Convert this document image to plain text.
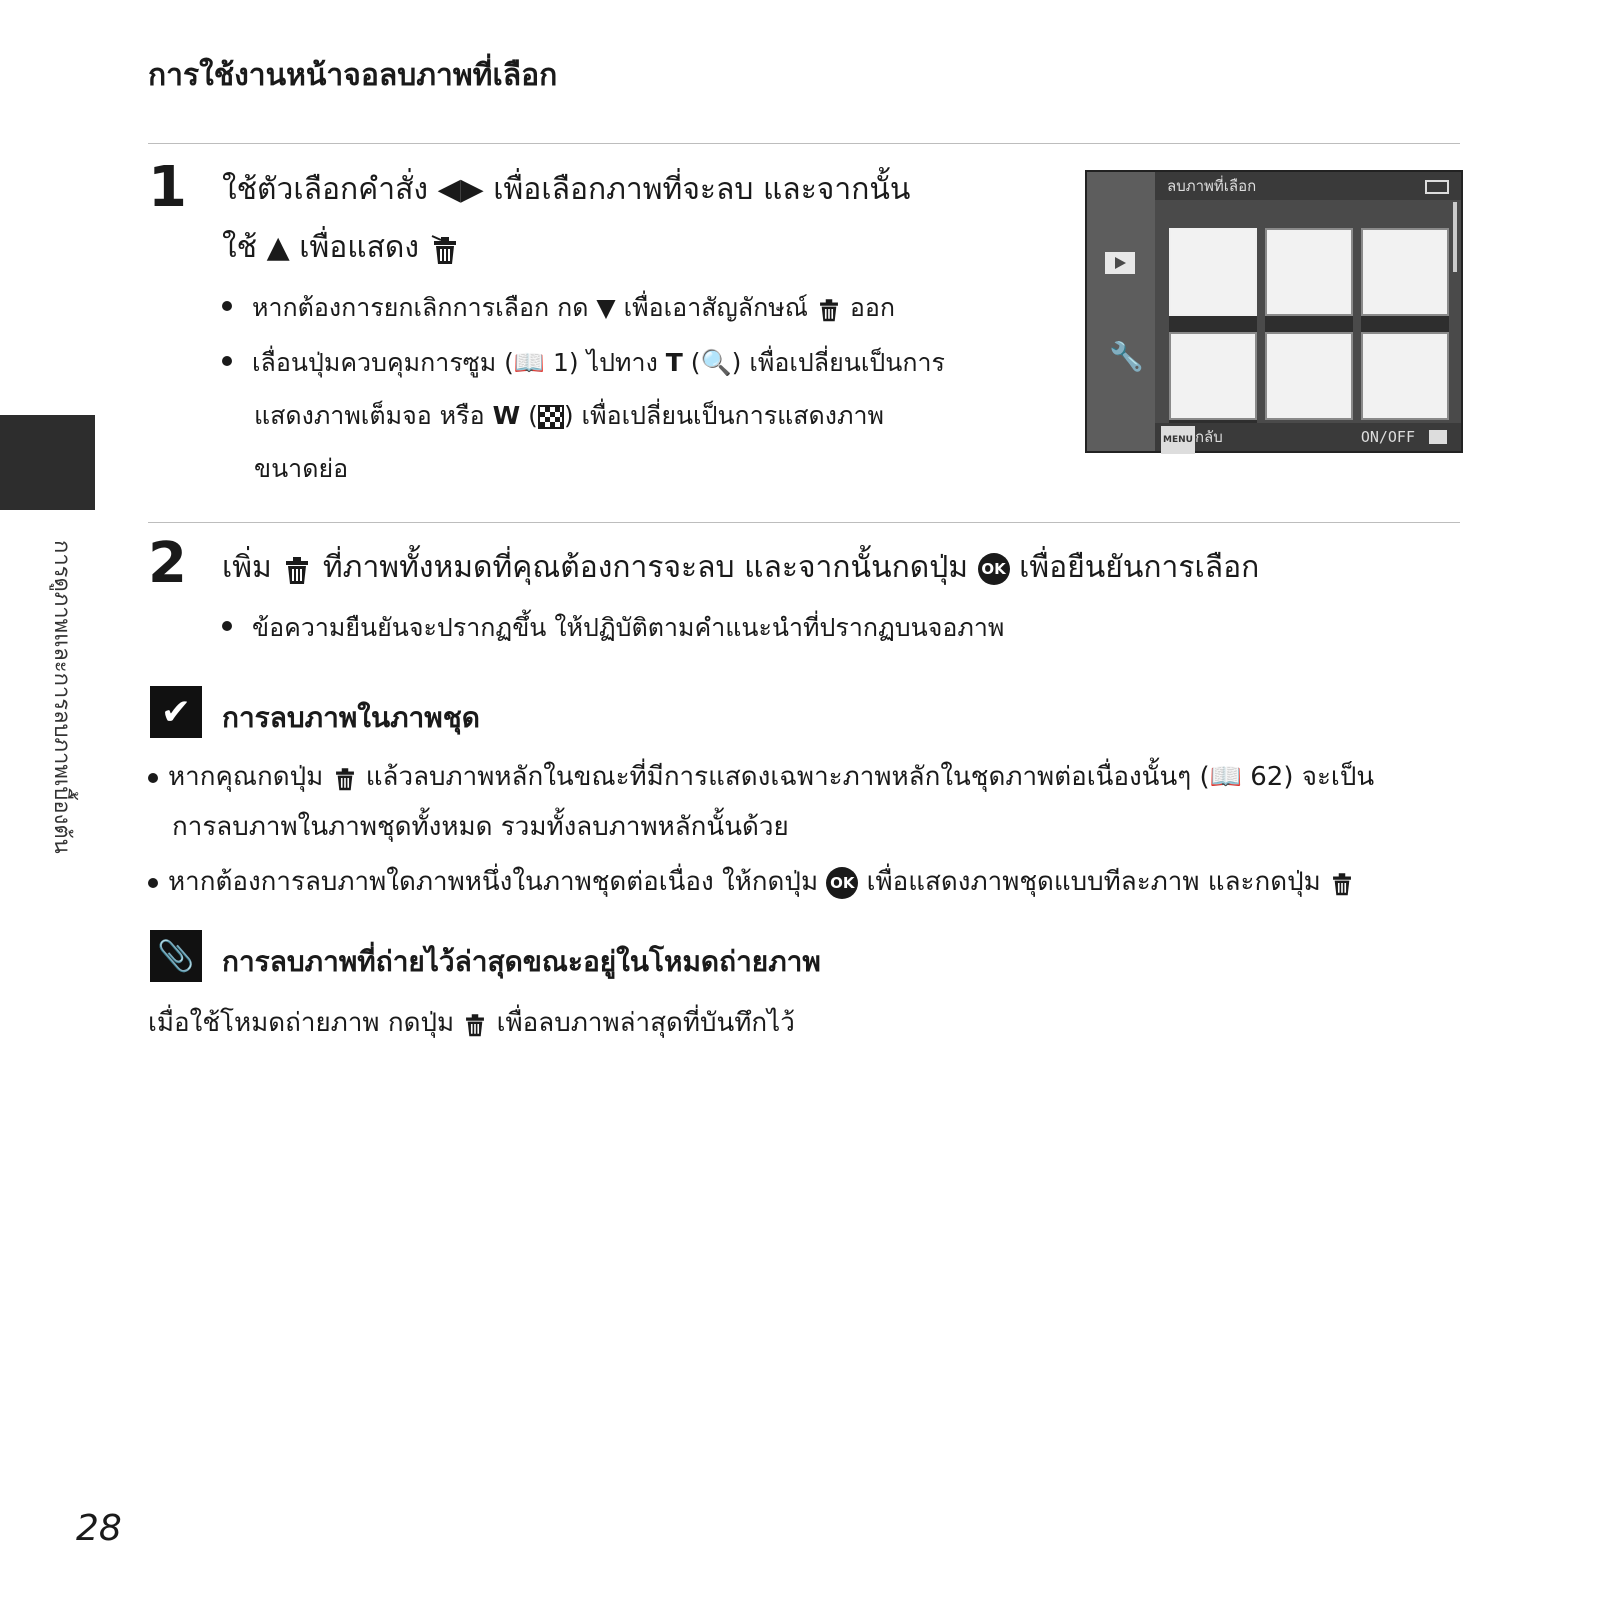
การใช้งานหน้าจอลบภาพที่เลือก
การดูภาพและการลบภาพเบื้องต้น
1 ใช้ตัวเลือกคำสั่ง ◀▶ เพื่อเลือกภาพที่จะลบ และจากนั้น
ใช้ ▲ เพื่อแสดง
หากต้องการยกเลิกการเลือก กด ▼ เพื่อเอาสัญลักษณ์ ออก
เลื่อนปุ่มควบคุมการซูม (📖 1) ไปทาง T (🔍) เพื่อเปลี่ยนเป็นการ
แสดงภาพเต็มจอ หรือ W ( ) เพื่อเปลี่ยนเป็นการแสดงภาพ
ขนาดย่อ
🔧
ลบภาพที่เลือก
MENU กลับ	ON/OFF
2 เพิ่ม ที่ภาพทั้งหมดที่คุณต้องการจะลบ และจากนั้นกดปุ่ม OK เพื่อยืนยันการเลือก
ข้อความยืนยันจะปรากฏขึ้น ให้ปฏิบัติตามคำแนะนำที่ปรากฏบนจอภาพ
✔ การลบภาพในภาพชุด
หากคุณกดปุ่ม แล้วลบภาพหลักในขณะที่มีการแสดงเฉพาะภาพหลักในชุดภาพต่อเนื่องนั้นๆ (📖 62) จะเป็น
การลบภาพในภาพชุดทั้งหมด รวมทั้งลบภาพหลักนั้นด้วย
หากต้องการลบภาพใดภาพหนึ่งในภาพชุดต่อเนื่อง ให้กดปุ่ม OK เพื่อแสดงภาพชุดแบบทีละภาพ และกดปุ่ม
📎 การลบภาพที่ถ่ายไว้ล่าสุดขณะอยู่ในโหมดถ่ายภาพ
เมื่อใช้โหมดถ่ายภาพ กดปุ่ม เพื่อลบภาพล่าสุดที่บันทึกไว้
28
